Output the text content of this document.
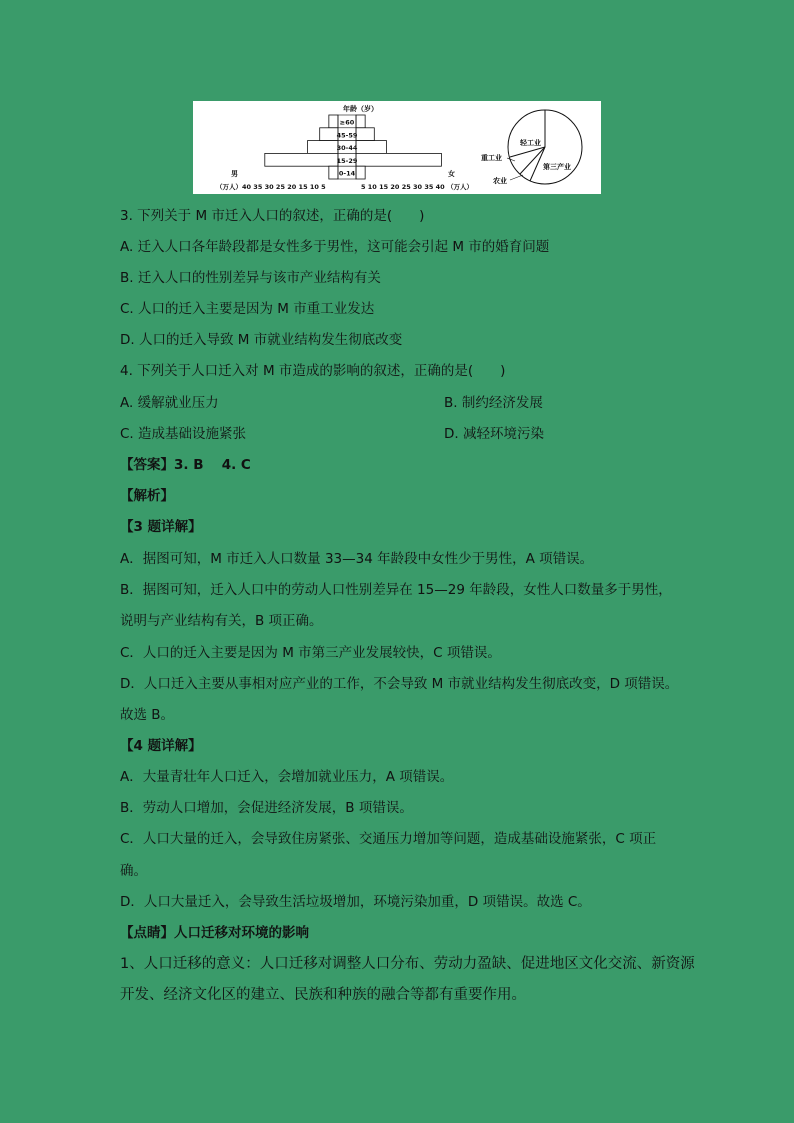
年龄（岁）
≥60
45-59
30-44
15-29
0-14
男	女
（万人）40 35 30 25 20 15 10 5	5 10 15 20 25 30 35 40 （万人）
轻工业
重工业
农业
第三产业
3. 下列关于 M 市迁入人口的叙述，正确的是(　　)
A. 迁入人口各年龄段都是女性多于男性，这可能会引起 M 市的婚育问题
B. 迁入人口的性别差异与该市产业结构有关
C. 人口的迁入主要是因为 M 市重工业发达
D. 人口的迁入导致 M 市就业结构发生彻底改变
4. 下列关于人口迁入对 M 市造成的影响的叙述，正确的是(　　)
A. 缓解就业压力	B. 制约经济发展
C. 造成基础设施紧张	D. 减轻环境污染
【答案】3. B　 4. C
【解析】
【3 题详解】
A．据图可知，M 市迁入人口数量 33—34 年龄段中女性少于男性，A 项错误。
B．据图可知，迁入人口中的劳动人口性别差异在 15—29 年龄段，女性人口数量多于男性，
说明与产业结构有关，B 项正确。
C．人口的迁入主要是因为 M 市第三产业发展较快，C 项错误。
D．人口迁入主要从事相对应产业的工作，不会导致 M 市就业结构发生彻底改变，D 项错误。
故选 B。
【4 题详解】
A．大量青壮年人口迁入，会增加就业压力，A 项错误。
B．劳动人口增加，会促进经济发展，B 项错误。
C．人口大量的迁入，会导致住房紧张、交通压力增加等问题，造成基础设施紧张，C 项正
确。
D．人口大量迁入，会导致生活垃圾增加，环境污染加重，D 项错误。故选 C。
【点睛】人口迁移对环境的影响
1、人口迁移的意义：人口迁移对调整人口分布、劳动力盈缺、促进地区文化交流、新资源
开发、经济文化区的建立、民族和种族的融合等都有重要作用。
